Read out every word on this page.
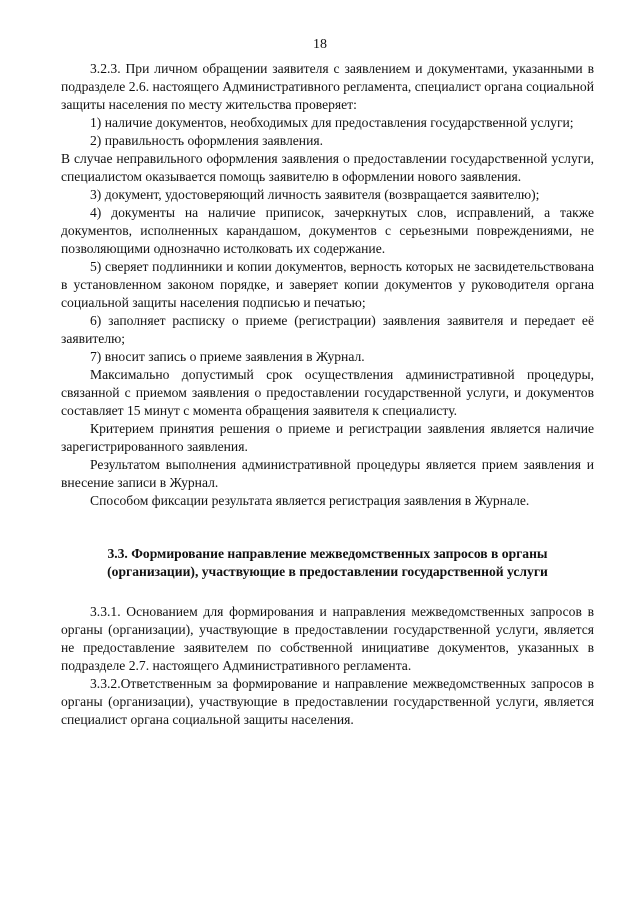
18

3.2.3. При личном обращении заявителя с заявлением и документами, указанными в подразделе 2.6. настоящего Административного регламента, специалист органа социальной защиты населения по месту жительства проверяет:

1) наличие документов, необходимых для предоставления государственной услуги;

2) правильность оформления заявления.

В случае неправильного оформления заявления о предоставлении государственной услуги, специалистом оказывается помощь заявителю в оформлении нового заявления.

3) документ, удостоверяющий личность заявителя (возвращается заявителю);

4) документы на наличие приписок, зачеркнутых слов, исправлений, а также документов, исполненных карандашом, документов с серьезными повреждениями, не позволяющими однозначно истолковать их содержание.

5) сверяет подлинники и копии документов, верность которых не засвидетельствована в установленном законом порядке, и заверяет копии документов у руководителя органа социальной защиты населения подписью и печатью;

6) заполняет расписку о приеме (регистрации) заявления заявителя и передает её заявителю;

7) вносит запись о приеме заявления в Журнал.

Максимально допустимый срок осуществления административной процедуры, связанной с приемом заявления о предоставлении государственной услуги, и документов составляет 15 минут с момента обращения заявителя к специалисту.

Критерием принятия решения о приеме и регистрации заявления является наличие зарегистрированного заявления.

Результатом выполнения административной процедуры является прием заявления и внесение записи в Журнал.

Способом фиксации результата является регистрация заявления в Журнале.

3.3. Формирование направление межведомственных запросов в органы (организации), участвующие в предоставлении государственной услуги

3.3.1. Основанием для формирования и направления межведомственных запросов в органы (организации), участвующие в предоставлении государственной услуги, является не предоставление заявителем по собственной инициативе документов, указанных в подразделе 2.7. настоящего Административного регламента.

3.3.2.Ответственным за формирование и направление межведомственных запросов в органы (организации), участвующие в предоставлении государственной услуги, является специалист органа социальной защиты населения.
